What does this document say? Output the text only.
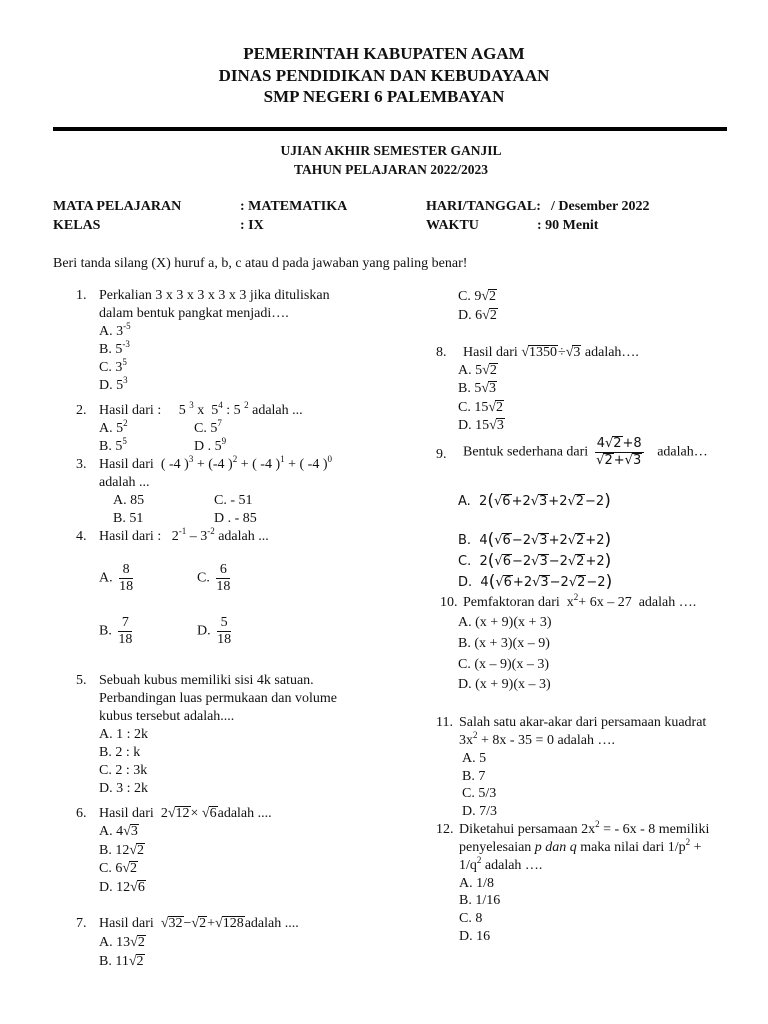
PEMERINTAH KABUPATEN AGAM
DINAS PENDIDIKAN DAN KEBUDAYAAN
SMP NEGERI 6 PALEMBAYAN
UJIAN AKHIR SEMESTER GANJIL
TAHUN PELAJARAN 2022/2023
MATA PELAJARAN	: MATEMATIKA	HARI/TANGGAL: / Desember 2022
KELAS	: IX	WAKTU	: 90 Menit
Beri tanda silang (X) huruf a, b, c atau d pada jawaban yang paling benar!
1. Perkalian 3 x 3 x 3 x 3 x 3 jika dituliskan
dalam bentuk pangkat menjadi….
A. $3^{-5}$
B. $5^{-3}$
C. $3^5$
D. $5^3$
2. Hasil dari :     5 $^3$ x  $5^4$ : 5 $^2$ adalah ...
A. $5^2$	C. $5^7$
B. $5^5$	D . $5^9$
3. Hasil dari  ( -4 )$^3$ + (-4 )$^2$ + ( -4 )$^1$ + ( -4 )$^0$
adalah ...
A. 85	C. - 51
B. 51	D . - 85
4. Hasil dari :   $2^{-1} - 3^{-2}$ adalah ...
A. $\frac{8}{18}$	C. $\frac{6}{18}$
B. $\frac{7}{18}$	D. $\frac{5}{18}$
5. Sebuah kubus memiliki sisi 4k satuan.
Perbandingan luas permukaan dan volume
kubus tersebut adalah....
A. 1 : 2k
B. 2 : k
C. 2 : 3k
D. 3 : 2k
6. Hasil dari  2√12× √6adalah ....
A. 4√3
B. 12√2
C. 6√2
D. 12√6
7. Hasil dari  √32−√2+√128adalah ....
A. 13√2
B. 11√2
C. 9√2
D. 6√2
8. Hasil dari √1350÷√3 adalah….
A. 5√2
B. 5√3
C. 15√2
D. 15√3
9. Bentuk sederhana dari $\frac{4√2+8}{√2+√3}$ adalah…
A.  2(√6+2√3+2√2−2)
B.  4(√6−2√3+2√2+2)
C.  2(√6−2√3−2√2+2)
D.  4(√6+2√3−2√2−2)
10. Pemfaktoran dari  $x^2+ 6x - 27$  adalah ….
A. (x + 9)(x + 3)
B. (x + 3)(x – 9)
C. (x – 9)(x – 3)
D. (x + 9)(x – 3)
11. Salah satu akar-akar dari persamaan kuadrat
$3x^2 + 8x - 35 = 0$ adalah ….
A. 5
B. 7
C. 5/3
D. 7/3
12. Diketahui persamaan $2x^2$ = - 6x - 8 memiliki
penyelesaian p dan q maka nilai dari $1/p^2$ +
$1/q^2$ adalah ….
A. 1/8
B. 1/16
C. 8
D. 16
